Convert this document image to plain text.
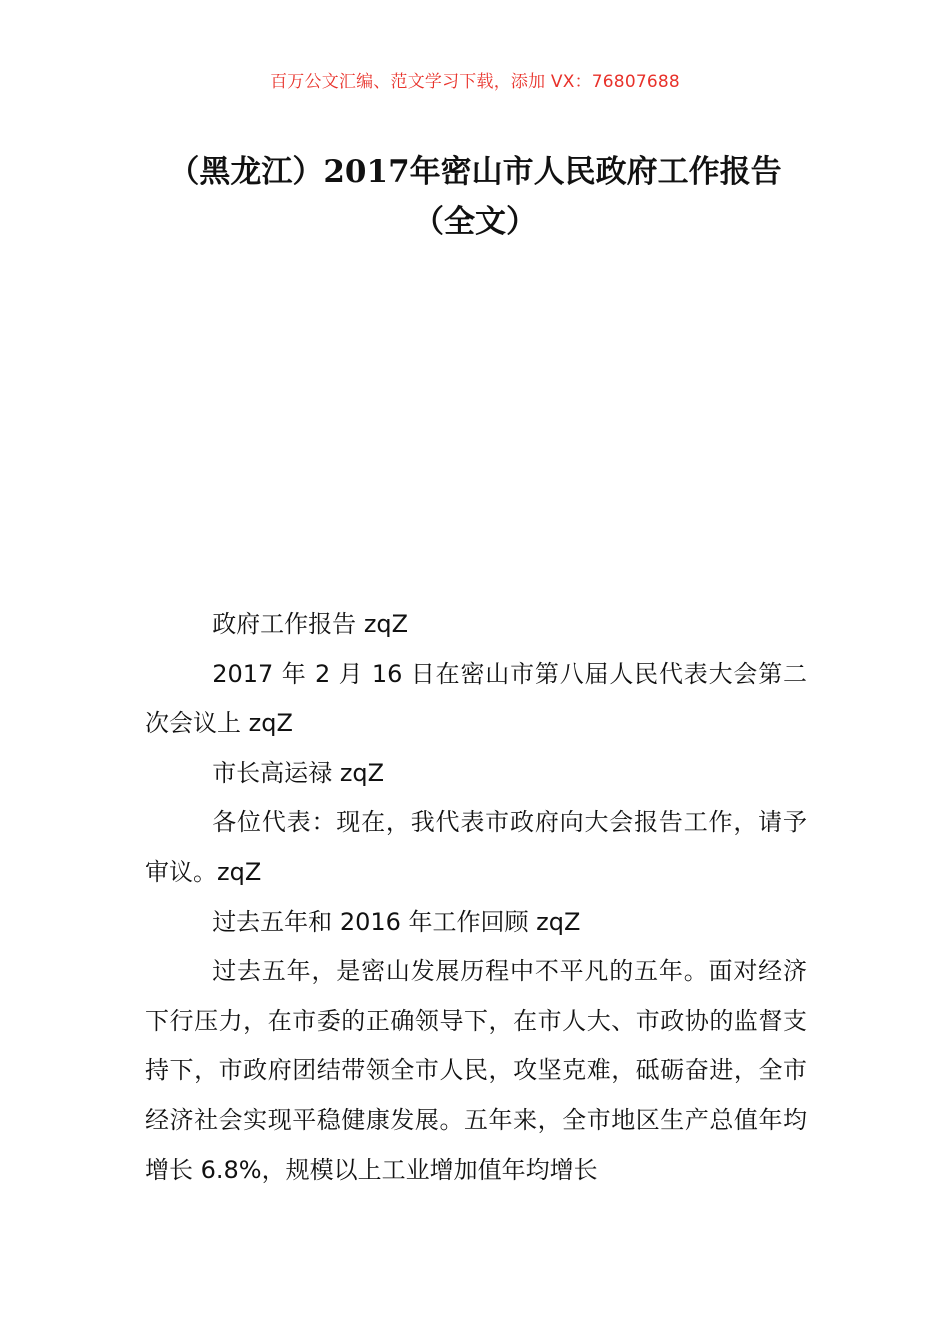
百万公文汇编、范文学习下载，添加 VX：76807688
（黑龙江）2017年密山市人民政府工作报告（全文）

政府工作报告 zqZ

2017 年 2 月 16 日在密山市第八届人民代表大会第二次会议上 zqZ

市长高运禄 zqZ

各位代表：现在，我代表市政府向大会报告工作，请予审议。zqZ

过去五年和 2016 年工作回顾 zqZ

过去五年，是密山发展历程中不平凡的五年。面对经济下行压力，在市委的正确领导下，在市人大、市政协的监督支持下，市政府团结带领全市人民，攻坚克难，砥砺奋进，全市经济社会实现平稳健康发展。五年来，全市地区生产总值年均增长 6.8%，规模以上工业增加值年均增长
